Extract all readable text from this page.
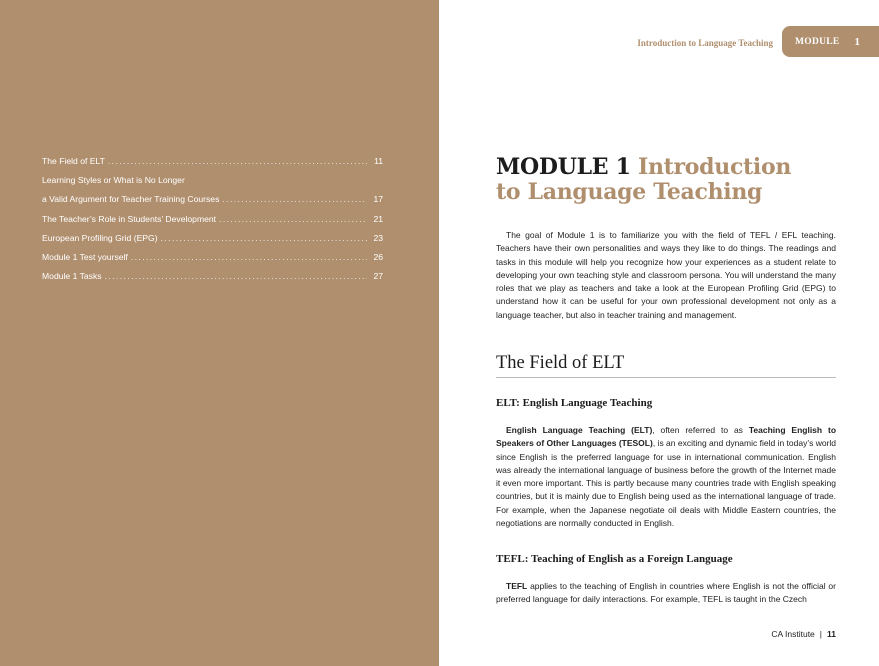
The Field of ELT .....	11
Learning Styles or What is No Longer
a Valid Argument for Teacher Training Courses .....	17
The Teacher’s Role in Students’ Development .....	21
European Profiling Grid (EPG) .....	23
Module 1 Test yourself .....	26
Module 1 Tasks .....	27
Introduction to Language Teaching MODULE 1
MODULE 1 Introduction to Language Teaching

The goal of Module 1 is to familiarize you with the field of TEFL / EFL teaching. Teachers have their own personalities and ways they like to do things. The readings and tasks in this module will help you recognize how your experiences as a student relate to developing your own teaching style and classroom persona. You will understand the many roles that we play as teachers and take a look at the European Profiling Grid (EPG) to understand how it can be useful for your own professional development not only as a language teacher, but also in teacher training and management.

The Field of ELT
ELT: English Language Teaching

English Language Teaching (ELT), often referred to as Teaching English to Speakers of Other Languages (TESOL), is an exciting and dynamic field in today’s world since English is the preferred language for use in international communication. English was already the international language of business before the growth of the Internet made it even more important. This is partly because many countries trade with English speaking countries, but it is mainly due to English being used as the international language of trade. For example, when the Japanese negotiate oil deals with Middle Eastern countries, the negotiations are normally conducted in English.

TEFL: Teaching of English as a Foreign Language

TEFL applies to the teaching of English in countries where English is not the official or preferred language for daily interactions. For example, TEFL is taught in the Czech

CA Institute | 11
